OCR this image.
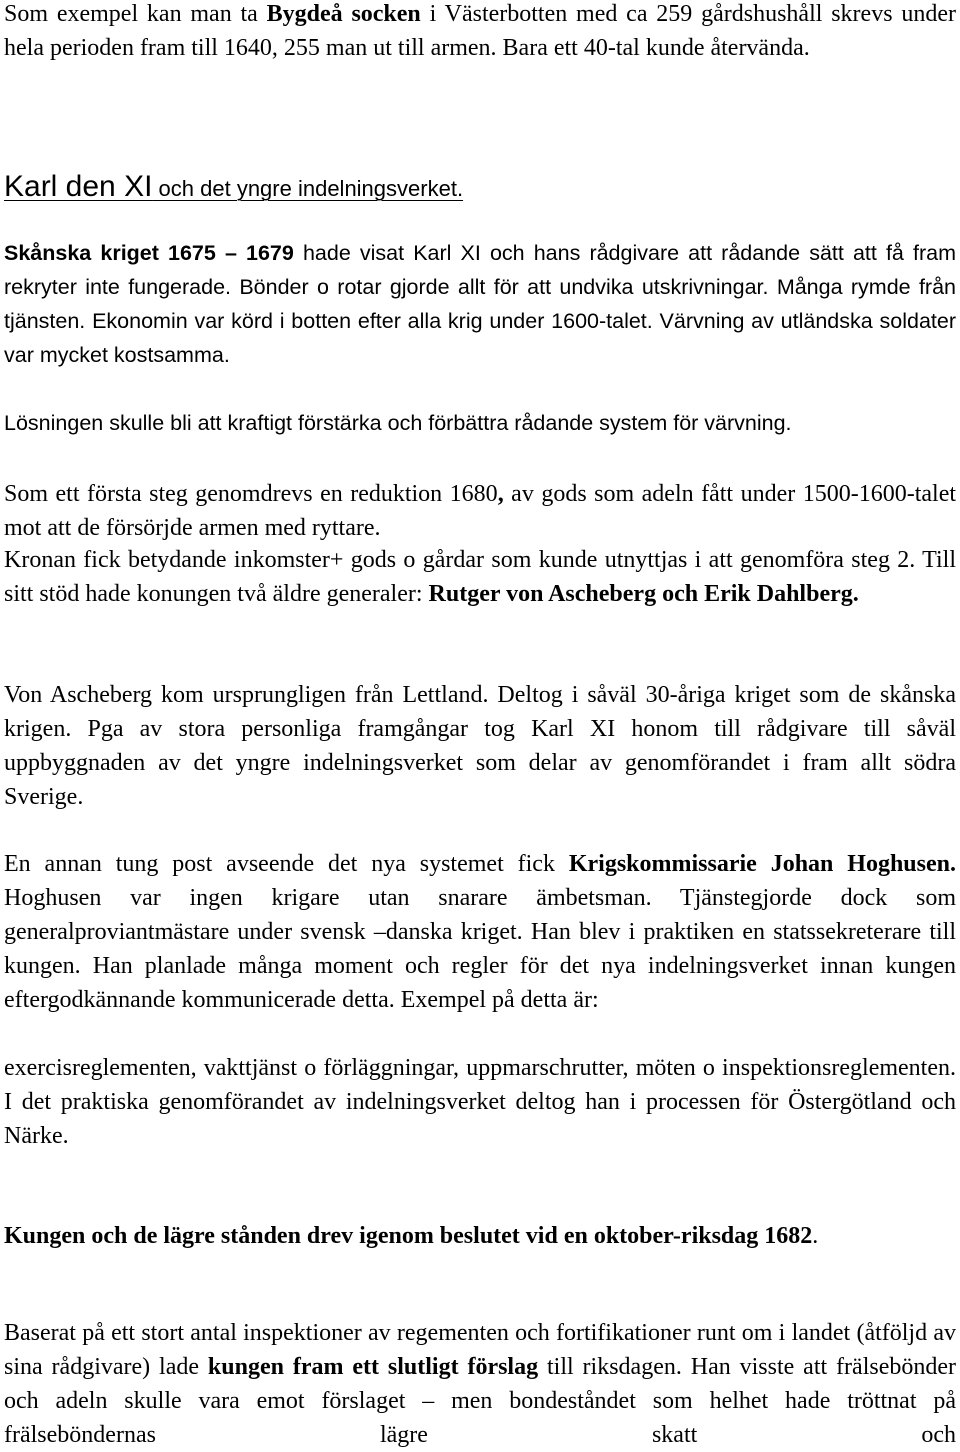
Som exempel kan man ta Bygdeå socken i Västerbotten med ca 259 gårdshushåll skrevs under hela perioden fram till 1640, 255 man ut till armen. Bara ett 40-tal kunde återvända.

Karl den XI och det yngre indelningsverket.

Skånska kriget 1675 – 1679 hade visat Karl XI och hans rådgivare att rådande sätt att få fram rekryter inte fungerade. Bönder o rotar gjorde allt för att undvika utskrivningar. Många rymde från tjänsten. Ekonomin var körd i botten efter alla krig under 1600-talet. Värvning av utländska soldater var mycket kostsamma.

Lösningen skulle bli att kraftigt förstärka och förbättra rådande system för värvning.

Som ett första steg genomdrevs en reduktion 1680, av gods som adeln fått under 1500-1600-talet mot att de försörjde armen med ryttare.

Kronan fick betydande inkomster+ gods o gårdar som kunde utnyttjas i att genomföra steg 2. Till sitt stöd hade konungen två äldre generaler: Rutger von Ascheberg och Erik Dahlberg.

Von Ascheberg kom ursprungligen från Lettland. Deltog i såväl 30-åriga kriget som de skånska krigen. Pga av stora personliga framgångar tog Karl XI honom till rådgivare till såväl uppbyggnaden av det yngre indelningsverket som delar av genomförandet i fram allt södra Sverige.

En annan tung post avseende det nya systemet fick Krigskommissarie Johan Hoghusen. Hoghusen var ingen krigare utan snarare ämbetsman. Tjänstegjorde dock som generalproviantmästare under svensk –danska kriget. Han blev i praktiken en statssekreterare till kungen. Han planlade många moment och regler för det nya indelningsverket innan kungen eftergodkännande kommunicerade detta. Exempel på detta är:

exercisreglementen, vakttjänst o förläggningar, uppmarschrutter, möten o inspektionsreglementen. I det praktiska genomförandet av indelningsverket deltog han i processen för Östergötland och Närke.

Kungen och de lägre stånden drev igenom beslutet vid en oktober-riksdag 1682.

Baserat på ett stort antal inspektioner av regementen och fortifikationer runt om i landet (åtföljd av sina rådgivare) lade kungen fram ett slutligt förslag till riksdagen. Han visste att frälsebönder och adeln skulle vara emot förslaget – men bondeståndet som helhet hade tröttnat på frälseböndernas lägre skatt och
